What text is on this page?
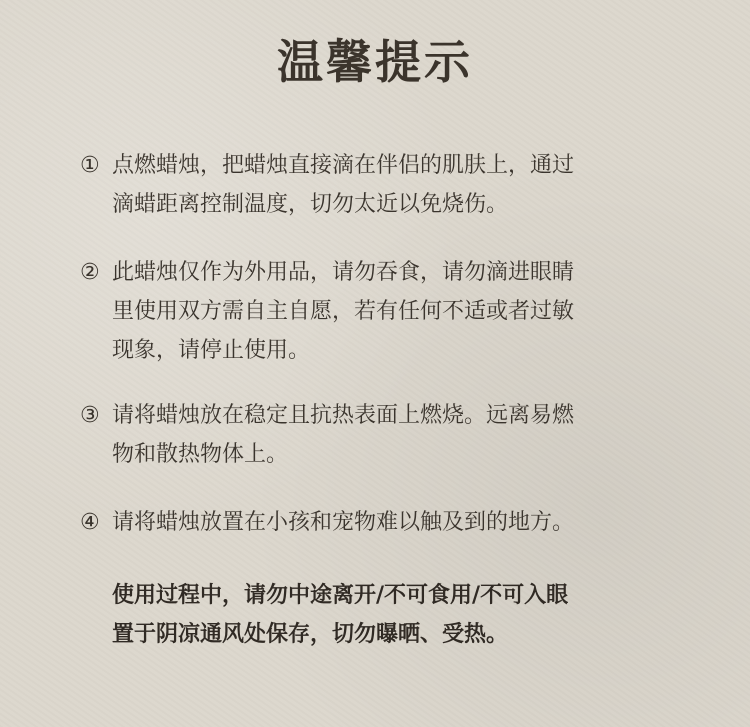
温馨提示
① 点燃蜡烛，把蜡烛直接滴在伴侣的肌肤上，通过
滴蜡距离控制温度，切勿太近以免烧伤。
② 此蜡烛仅作为外用品，请勿吞食，请勿滴进眼睛
里使用双方需自主自愿，若有任何不适或者过敏
现象，请停止使用。
③ 请将蜡烛放在稳定且抗热表面上燃烧。远离易燃
物和散热物体上。
④ 请将蜡烛放置在小孩和宠物难以触及到的地方。
使用过程中，请勿中途离开/不可食用/不可入眼
置于阴凉通风处保存，切勿曝晒、受热。
